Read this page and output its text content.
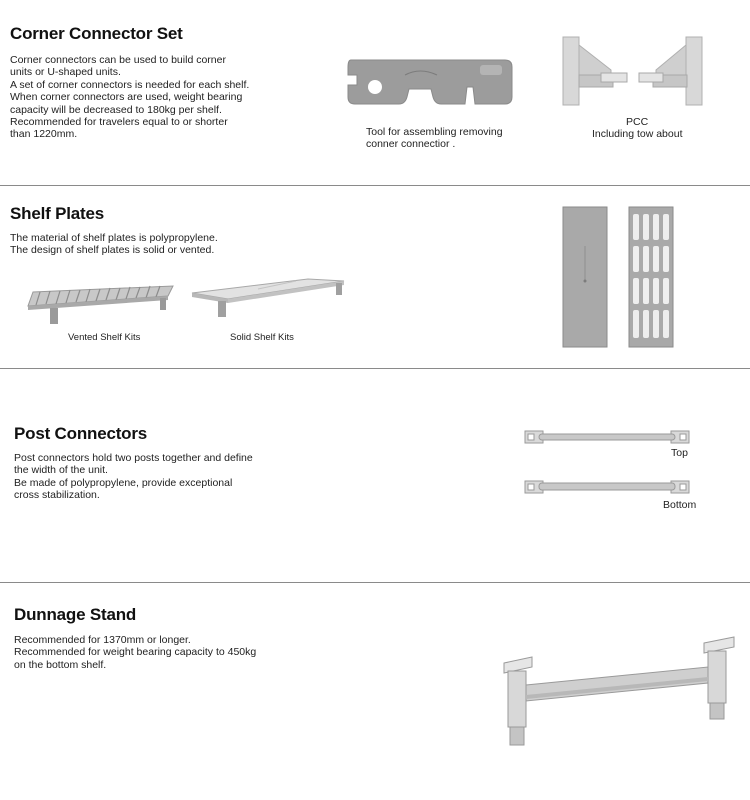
Corner Connector Set
Corner connectors can be used to build corner
units or U-shaped units.
A set of corner connectors is needed for each shelf.
When corner connectors are used, weight bearing
capacity will be decreased to 180kg per shelf.
Recommended for travelers equal to or shorter
than 1220mm.	Tool for assembling removing
conner connectior .
PCC
Including tow about
Shelf Plates
The material of shelf plates is polypropylene.
The design of shelf plates is solid or vented.
Vented Shelf Kits	Solid Shelf Kits
Post Connectors
Post connectors hold two posts together and define
the width of the unit.
Be made of polypropylene, provide exceptional
cross stabilization.
Top
Bottom
Dunnage Stand
Recommended for 1370mm or longer.
Recommended for weight bearing capacity to 450kg
on the bottom shelf.
